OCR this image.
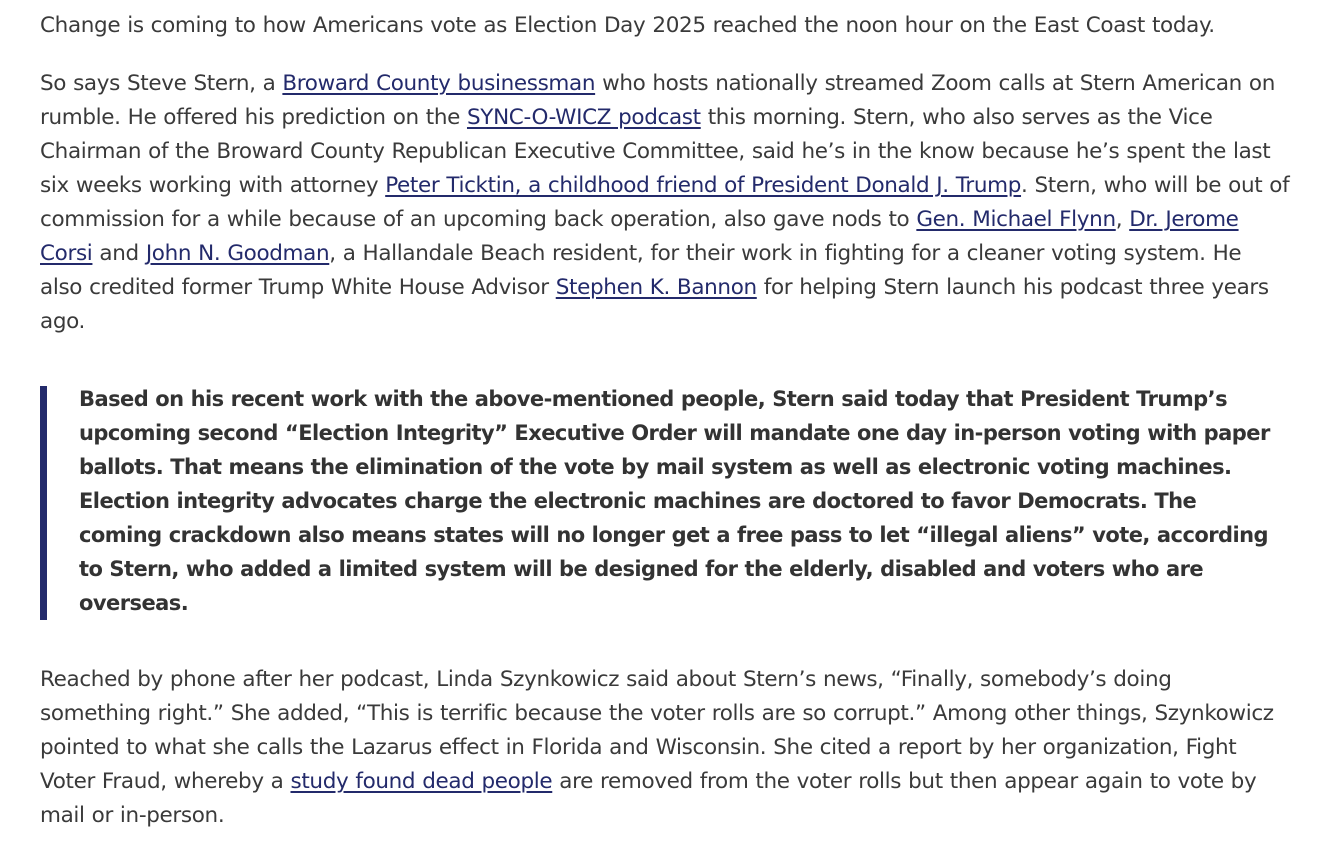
Change is coming to how Americans vote as Election Day 2025 reached the noon hour on the East Coast today.

So says Steve Stern, a Broward County businessman who hosts nationally streamed Zoom calls at Stern American on rumble. He offered his prediction on the SYNC-O-WICZ podcast this morning. Stern, who also serves as the Vice Chairman of the Broward County Republican Executive Committee, said he’s in the know because he’s spent the last six weeks working with attorney Peter Ticktin, a childhood friend of President Donald J. Trump. Stern, who will be out of commission for a while because of an upcoming back operation, also gave nods to Gen. Michael Flynn, Dr. Jerome Corsi and John N. Goodman, a Hallandale Beach resident, for their work in fighting for a cleaner voting system. He also credited former Trump White House Advisor Stephen K. Bannon for helping Stern launch his podcast three years ago.

Based on his recent work with the above-mentioned people, Stern said today that President Trump’s upcoming second “Election Integrity” Executive Order will mandate one day in-person voting with paper ballots. That means the elimination of the vote by mail system as well as electronic voting machines. Election integrity advocates charge the electronic machines are doctored to favor Democrats. The coming crackdown also means states will no longer get a free pass to let “illegal aliens” vote, according to Stern, who added a limited system will be designed for the elderly, disabled and voters who are overseas.

Reached by phone after her podcast, Linda Szynkowicz said about Stern’s news, “Finally, somebody’s doing something right.” She added, “This is terrific because the voter rolls are so corrupt.” Among other things, Szynkowicz pointed to what she calls the Lazarus effect in Florida and Wisconsin. She cited a report by her organization, Fight Voter Fraud, whereby a study found dead people are removed from the voter rolls but then appear again to vote by mail or in-person.
